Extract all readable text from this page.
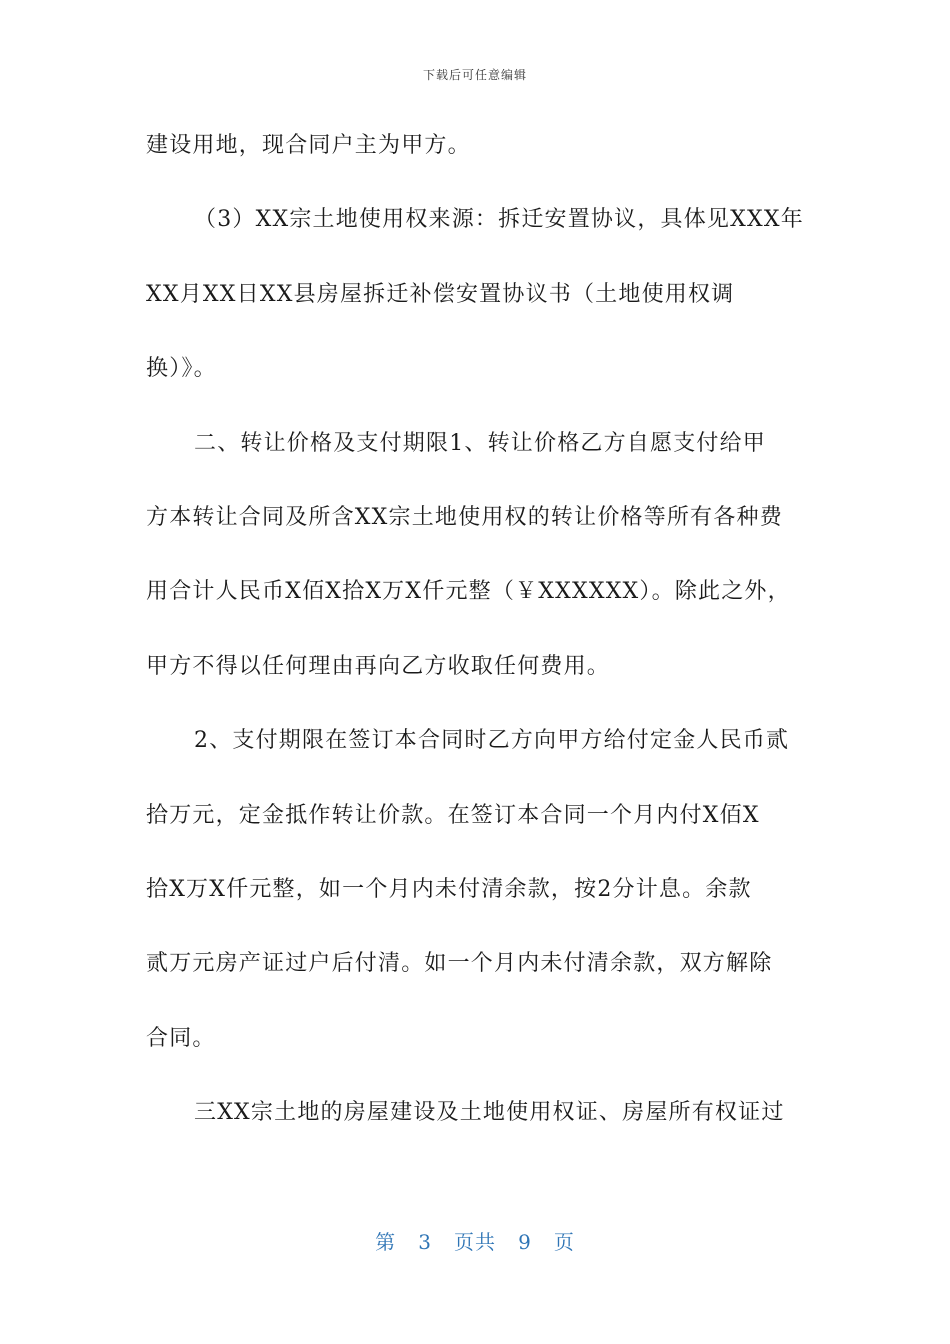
下载后可任意编辑
建设用地，现合同户主为甲方。
（3）XX宗土地使用权来源：拆迁安置协议，具体见XXX年
XX月XX日XX县房屋拆迁补偿安置协议书（土地使用权调
换）》。
二、转让价格及支付期限1、转让价格乙方自愿支付给甲
方本转让合同及所含XX宗土地使用权的转让价格等所有各种费
用合计人民币X佰X拾X万X仟元整（￥XXXXXX）。除此之外，
甲方不得以任何理由再向乙方收取任何费用。
2、支付期限在签订本合同时乙方向甲方给付定金人民币贰
拾万元，定金抵作转让价款。在签订本合同一个月内付X佰X
拾X万X仟元整，如一个月内未付清余款，按2分计息。余款
贰万元房产证过户后付清。如一个月内未付清余款，双方解除
合同。
三XX宗土地的房屋建设及土地使用权证、房屋所有权证过
第 3 页共 9 页
